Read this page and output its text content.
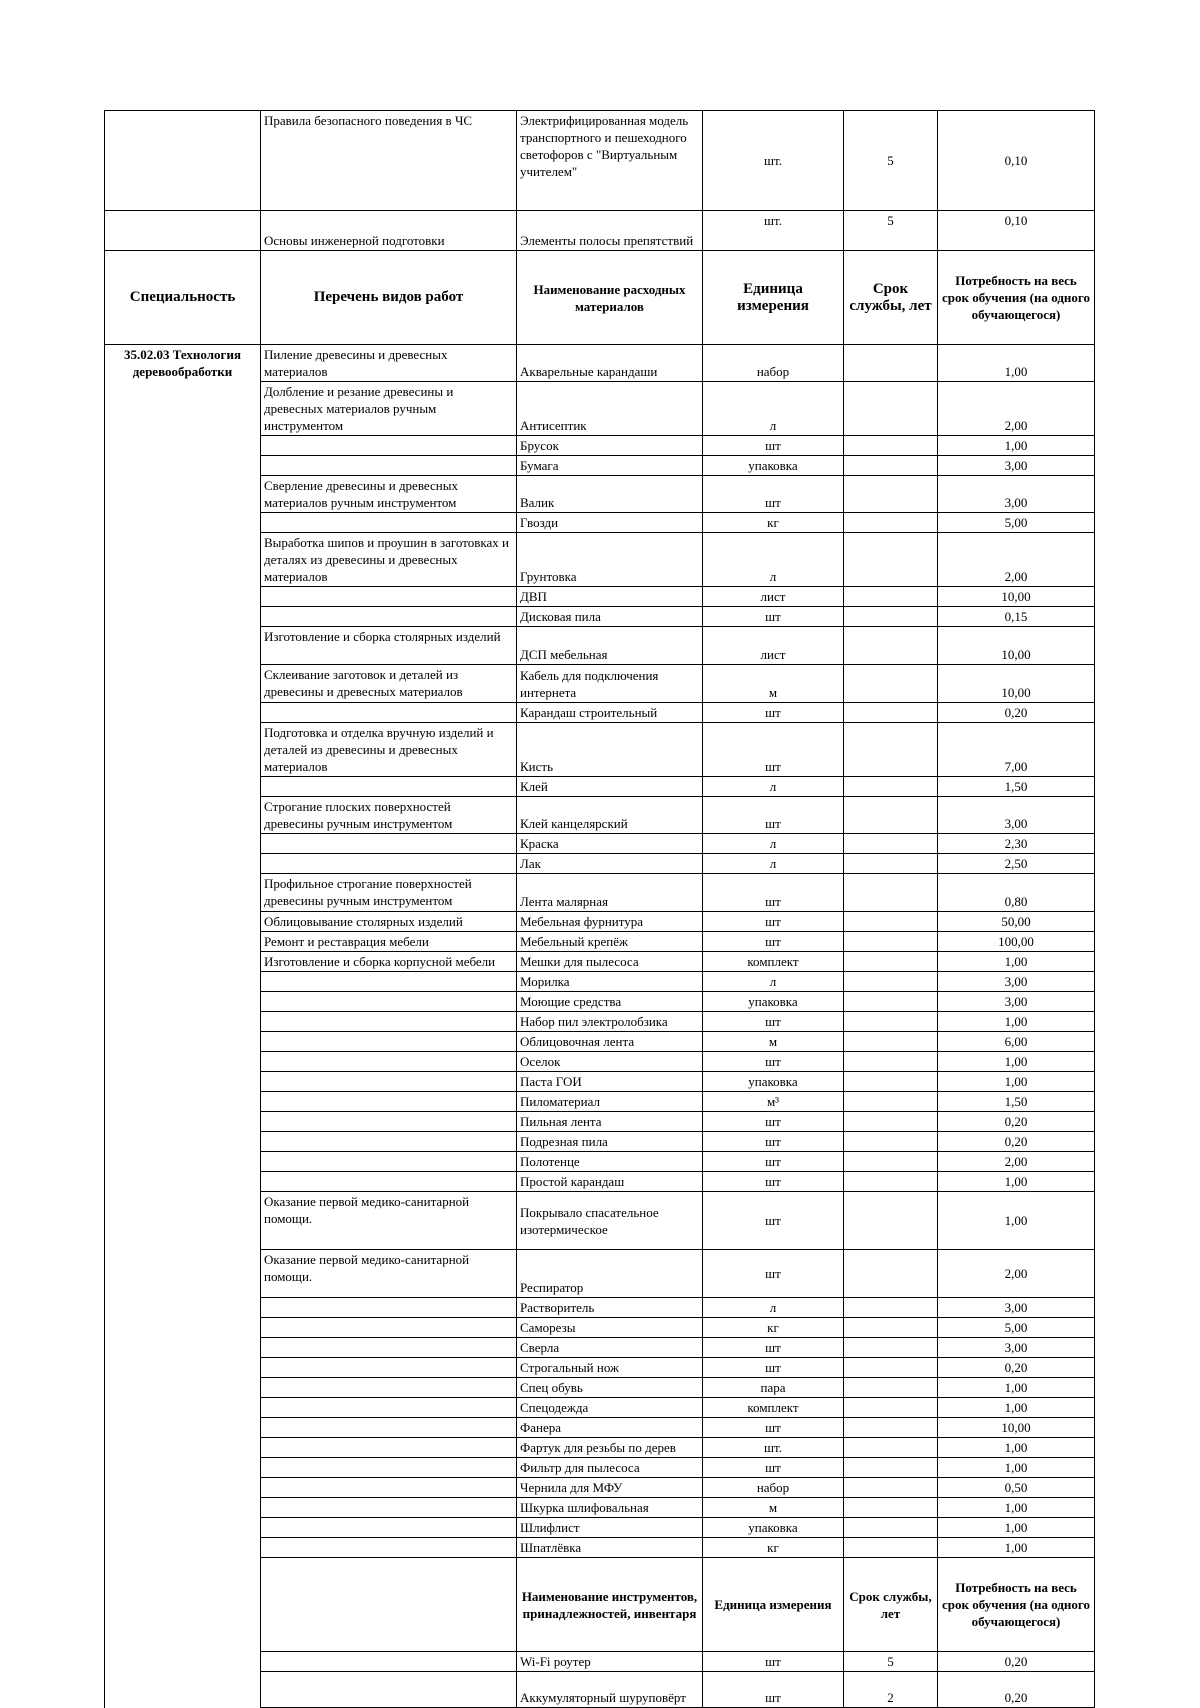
	Правила безопасного поведения в ЧС	Электрифицированная модель транспортного и пешеходного светофоров с "Виртуальным учителем"	шт.	5	0,10
	Основы инженерной подготовки	Элементы полосы препятствий	шт.	5	0,10
Специальность	Перечень видов работ	Наименование расходных материалов	Единица измерения	Срок службы, лет	Потребность на весь срок обучения (на одного обучающегося)
35.02.03 Технология деревообработки	Пиление древесины и древесных материалов	Акварельные карандаши	набор		1,00
	Долбление и резание древесины и древесных материалов ручным инструментом	Антисептик	л		2,00
		Брусок	шт		1,00
		Бумага	упаковка		3,00
	Сверление древесины и древесных материалов ручным инструментом	Валик	шт		3,00
		Гвозди	кг		5,00
	Выработка шипов и проушин в заготовках и деталях из древесины и древесных материалов	Грунтовка	л		2,00
		ДВП	лист		10,00
		Дисковая пила	шт		0,15
	Изготовление и сборка столярных изделий	ДСП мебельная	лист		10,00
	Склеивание заготовок и деталей из древесины и древесных материалов	Кабель для подключения интернета	м		10,00
		Карандаш строительный	шт		0,20
	Подготовка и отделка вручную изделий и деталей из древесины и древесных материалов	Кисть	шт		7,00
		Клей	л		1,50
	Строгание плоских поверхностей древесины ручным инструментом	Клей канцелярский	шт		3,00
		Краска	л		2,30
		Лак	л		2,50
	Профильное строгание поверхностей древесины ручным инструментом	Лента малярная	шт		0,80
	Облицовывание столярных изделий	Мебельная фурнитура	шт		50,00
	Ремонт и реставрация мебели	Мебельный крепёж	шт		100,00
	Изготовление и сборка корпусной мебели	Мешки для пылесоса	комплект		1,00
		Морилка	л		3,00
		Моющие средства	упаковка		3,00
		Набор пил электролобзика	шт		1,00
		Облицовочная лента	м		6,00
		Оселок	шт		1,00
		Паста ГОИ	упаковка		1,00
		Пиломатериал	м³		1,50
		Пильная лента	шт		0,20
		Подрезная пила	шт		0,20
		Полотенце	шт		2,00
		Простой карандаш	шт		1,00
	Оказание первой медико-санитарной помощи.	Покрывало спасательное изотермическое	шт		1,00
	Оказание первой медико-санитарной помощи.	Респиратор	шт		2,00
		Растворитель	л		3,00
		Саморезы	кг		5,00
		Сверла	шт		3,00
		Строгальный нож	шт		0,20
		Спец обувь	пара		1,00
		Спецодежда	комплект		1,00
		Фанера	шт		10,00
		Фартук для резьбы по дерев	шт.		1,00
		Фильтр для пылесоса	шт		1,00
		Чернила для МФУ	набор		0,50
		Шкурка шлифовальная	м		1,00
		Шлифлист	упаковка		1,00
		Шпатлёвка	кг		1,00
		Наименование инструментов, принадлежностей, инвентаря	Единица измерения	Срок службы, лет	Потребность на весь срок обучения (на одного обучающегося)
		Wi-Fi роутер	шт	5	0,20
		Аккумуляторный шуруповёрт	шт	2	0,20
